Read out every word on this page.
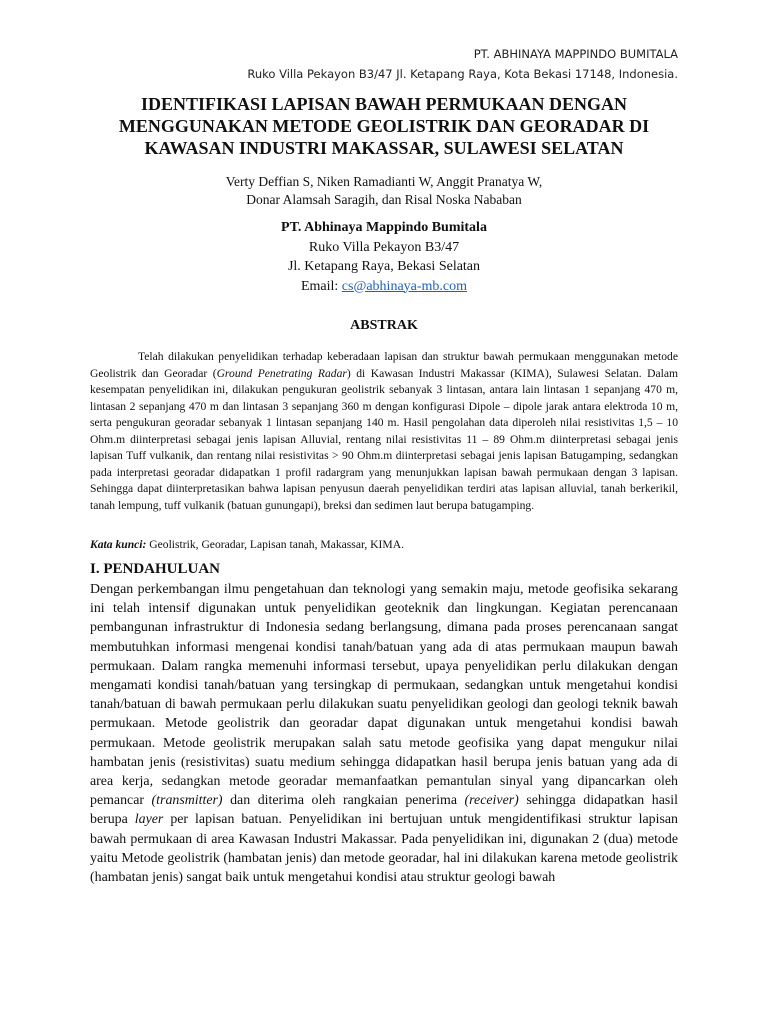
PT. ABHINAYA MAPPINDO BUMITALA
Ruko Villa Pekayon B3/47 Jl. Ketapang Raya, Kota Bekasi 17148, Indonesia.
IDENTIFIKASI LAPISAN BAWAH PERMUKAAN DENGAN
MENGGUNAKAN METODE GEOLISTRIK DAN GEORADAR DI
KAWASAN INDUSTRI MAKASSAR, SULAWESI SELATAN
Verty Deffian S, Niken Ramadianti W, Anggit Pranatya W,
Donar Alamsah Saragih, dan Risal Noska Nababan
PT. Abhinaya Mappindo Bumitala
Ruko Villa Pekayon B3/47
Jl. Ketapang Raya, Bekasi Selatan
Email: cs@abhinaya-mb.com
ABSTRAK

Telah dilakukan penyelidikan terhadap keberadaan lapisan dan struktur bawah permukaan menggunakan metode Geolistrik dan Georadar (Ground Penetrating Radar) di Kawasan Industri Makassar (KIMA), Sulawesi Selatan. Dalam kesempatan penyelidikan ini, dilakukan pengukuran geolistrik sebanyak 3 lintasan, antara lain lintasan 1 sepanjang 470 m, lintasan 2 sepanjang 470 m dan lintasan 3 sepanjang 360 m dengan konfigurasi Dipole – dipole jarak antara elektroda 10 m, serta pengukuran georadar sebanyak 1 lintasan sepanjang 140 m. Hasil pengolahan data diperoleh nilai resistivitas 1,5 – 10 Ohm.m diinterpretasi sebagai jenis lapisan Alluvial, rentang nilai resistivitas 11 – 89 Ohm.m diinterpretasi sebagai jenis lapisan Tuff vulkanik, dan rentang nilai resistivitas > 90 Ohm.m diinterpretasi sebagai jenis lapisan Batugamping, sedangkan pada interpretasi georadar didapatkan 1 profil radargram yang menunjukkan lapisan bawah permukaan dengan 3 lapisan. Sehingga dapat diinterpretasikan bahwa lapisan penyusun daerah penyelidikan terdiri atas lapisan alluvial, tanah berkerikil, tanah lempung, tuff vulkanik (batuan gunungapi), breksi dan sedimen laut berupa batugamping.

Kata kunci: Geolistrik, Georadar, Lapisan tanah, Makassar, KIMA.
I. PENDAHULUAN

Dengan perkembangan ilmu pengetahuan dan teknologi yang semakin maju, metode geofisika sekarang ini telah intensif digunakan untuk penyelidikan geoteknik dan lingkungan. Kegiatan perencanaan pembangunan infrastruktur di Indonesia sedang berlangsung, dimana pada proses perencanaan sangat membutuhkan informasi mengenai kondisi tanah/batuan yang ada di atas permukaan maupun bawah permukaan. Dalam rangka memenuhi informasi tersebut, upaya penyelidikan perlu dilakukan dengan mengamati kondisi tanah/batuan yang tersingkap di permukaan, sedangkan untuk mengetahui kondisi tanah/batuan di bawah permukaan perlu dilakukan suatu penyelidikan geologi dan geologi teknik bawah permukaan. Metode geolistrik dan georadar dapat digunakan untuk mengetahui kondisi bawah permukaan. Metode geolistrik merupakan salah satu metode geofisika yang dapat mengukur nilai hambatan jenis (resistivitas) suatu medium sehingga didapatkan hasil berupa jenis batuan yang ada di area kerja, sedangkan metode georadar memanfaatkan pemantulan sinyal yang dipancarkan oleh pemancar (transmitter) dan diterima oleh rangkaian penerima (receiver) sehingga didapatkan hasil berupa layer per lapisan batuan. Penyelidikan ini bertujuan untuk mengidentifikasi struktur lapisan bawah permukaan di area Kawasan Industri Makassar. Pada penyelidikan ini, digunakan 2 (dua) metode yaitu Metode geolistrik (hambatan jenis) dan metode georadar, hal ini dilakukan karena metode geolistrik (hambatan jenis) sangat baik untuk mengetahui kondisi atau struktur geologi bawah
